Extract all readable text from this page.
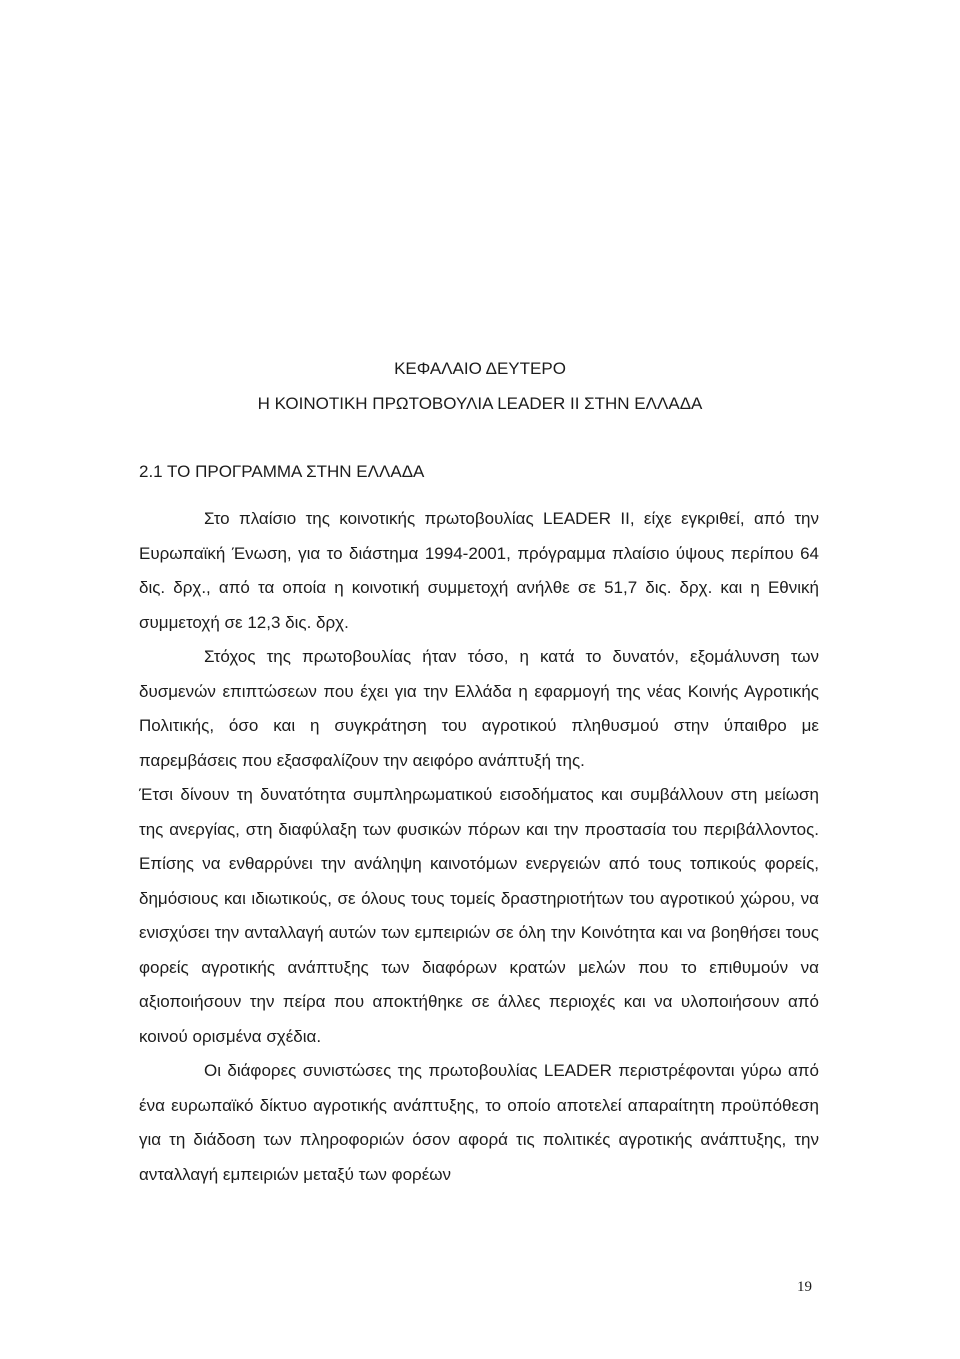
ΚΕΦΑΛΑΙΟ ΔΕΥΤΕΡΟ
Η ΚΟΙΝΟΤΙΚΗ ΠΡΩΤΟΒΟΥΛΙΑ LEADER II ΣΤΗΝ ΕΛΛΑΔΑ
2.1 ΤΟ ΠΡΟΓΡΑΜΜΑ ΣΤΗΝ ΕΛΛΑΔΑ

Στο πλαίσιο της κοινοτικής πρωτοβουλίας LEADER II, είχε εγκριθεί, από την Ευρωπαϊκή Ένωση, για το διάστημα 1994-2001, πρόγραμμα πλαίσιο ύψους περίπου 64 δις. δρχ., από τα οποία η κοινοτική συμμετοχή ανήλθε σε 51,7 δις. δρχ. και η Εθνική συμμετοχή σε 12,3 δις. δρχ.

Στόχος της πρωτοβουλίας ήταν τόσο, η κατά το δυνατόν, εξομάλυνση των δυσμενών επιπτώσεων που έχει για την Ελλάδα η εφαρμογή της νέας Κοινής Αγροτικής Πολιτικής, όσο και η συγκράτηση του αγροτικού πληθυσμού στην ύπαιθρο με παρεμβάσεις που εξασφαλίζουν την αειφόρο ανάπτυξή της.

Έτσι δίνουν τη δυνατότητα συμπληρωματικού εισοδήματος και συμβάλλουν στη μείωση της ανεργίας, στη διαφύλαξη των φυσικών πόρων και την προστασία του περιβάλλοντος. Επίσης να ενθαρρύνει την ανάληψη καινοτόμων ενεργειών από τους τοπικούς φορείς, δημόσιους και ιδιωτικούς, σε όλους τους τομείς δραστηριοτήτων του αγροτικού χώρου, να ενισχύσει την ανταλλαγή αυτών των εμπειριών σε όλη την Κοινότητα και να βοηθήσει τους φορείς αγροτικής ανάπτυξης των διαφόρων κρατών μελών που το επιθυμούν να αξιοποιήσουν την πείρα που αποκτήθηκε σε άλλες περιοχές και να υλοποιήσουν από κοινού ορισμένα σχέδια.

Οι διάφορες συνιστώσες της πρωτοβουλίας LEADER περιστρέφονται γύρω από ένα ευρωπαϊκό δίκτυο αγροτικής ανάπτυξης, το οποίο αποτελεί απαραίτητη προϋπόθεση για τη διάδοση των πληροφοριών όσον αφορά τις πολιτικές αγροτικής ανάπτυξης, την ανταλλαγή εμπειριών μεταξύ των φορέων

19
